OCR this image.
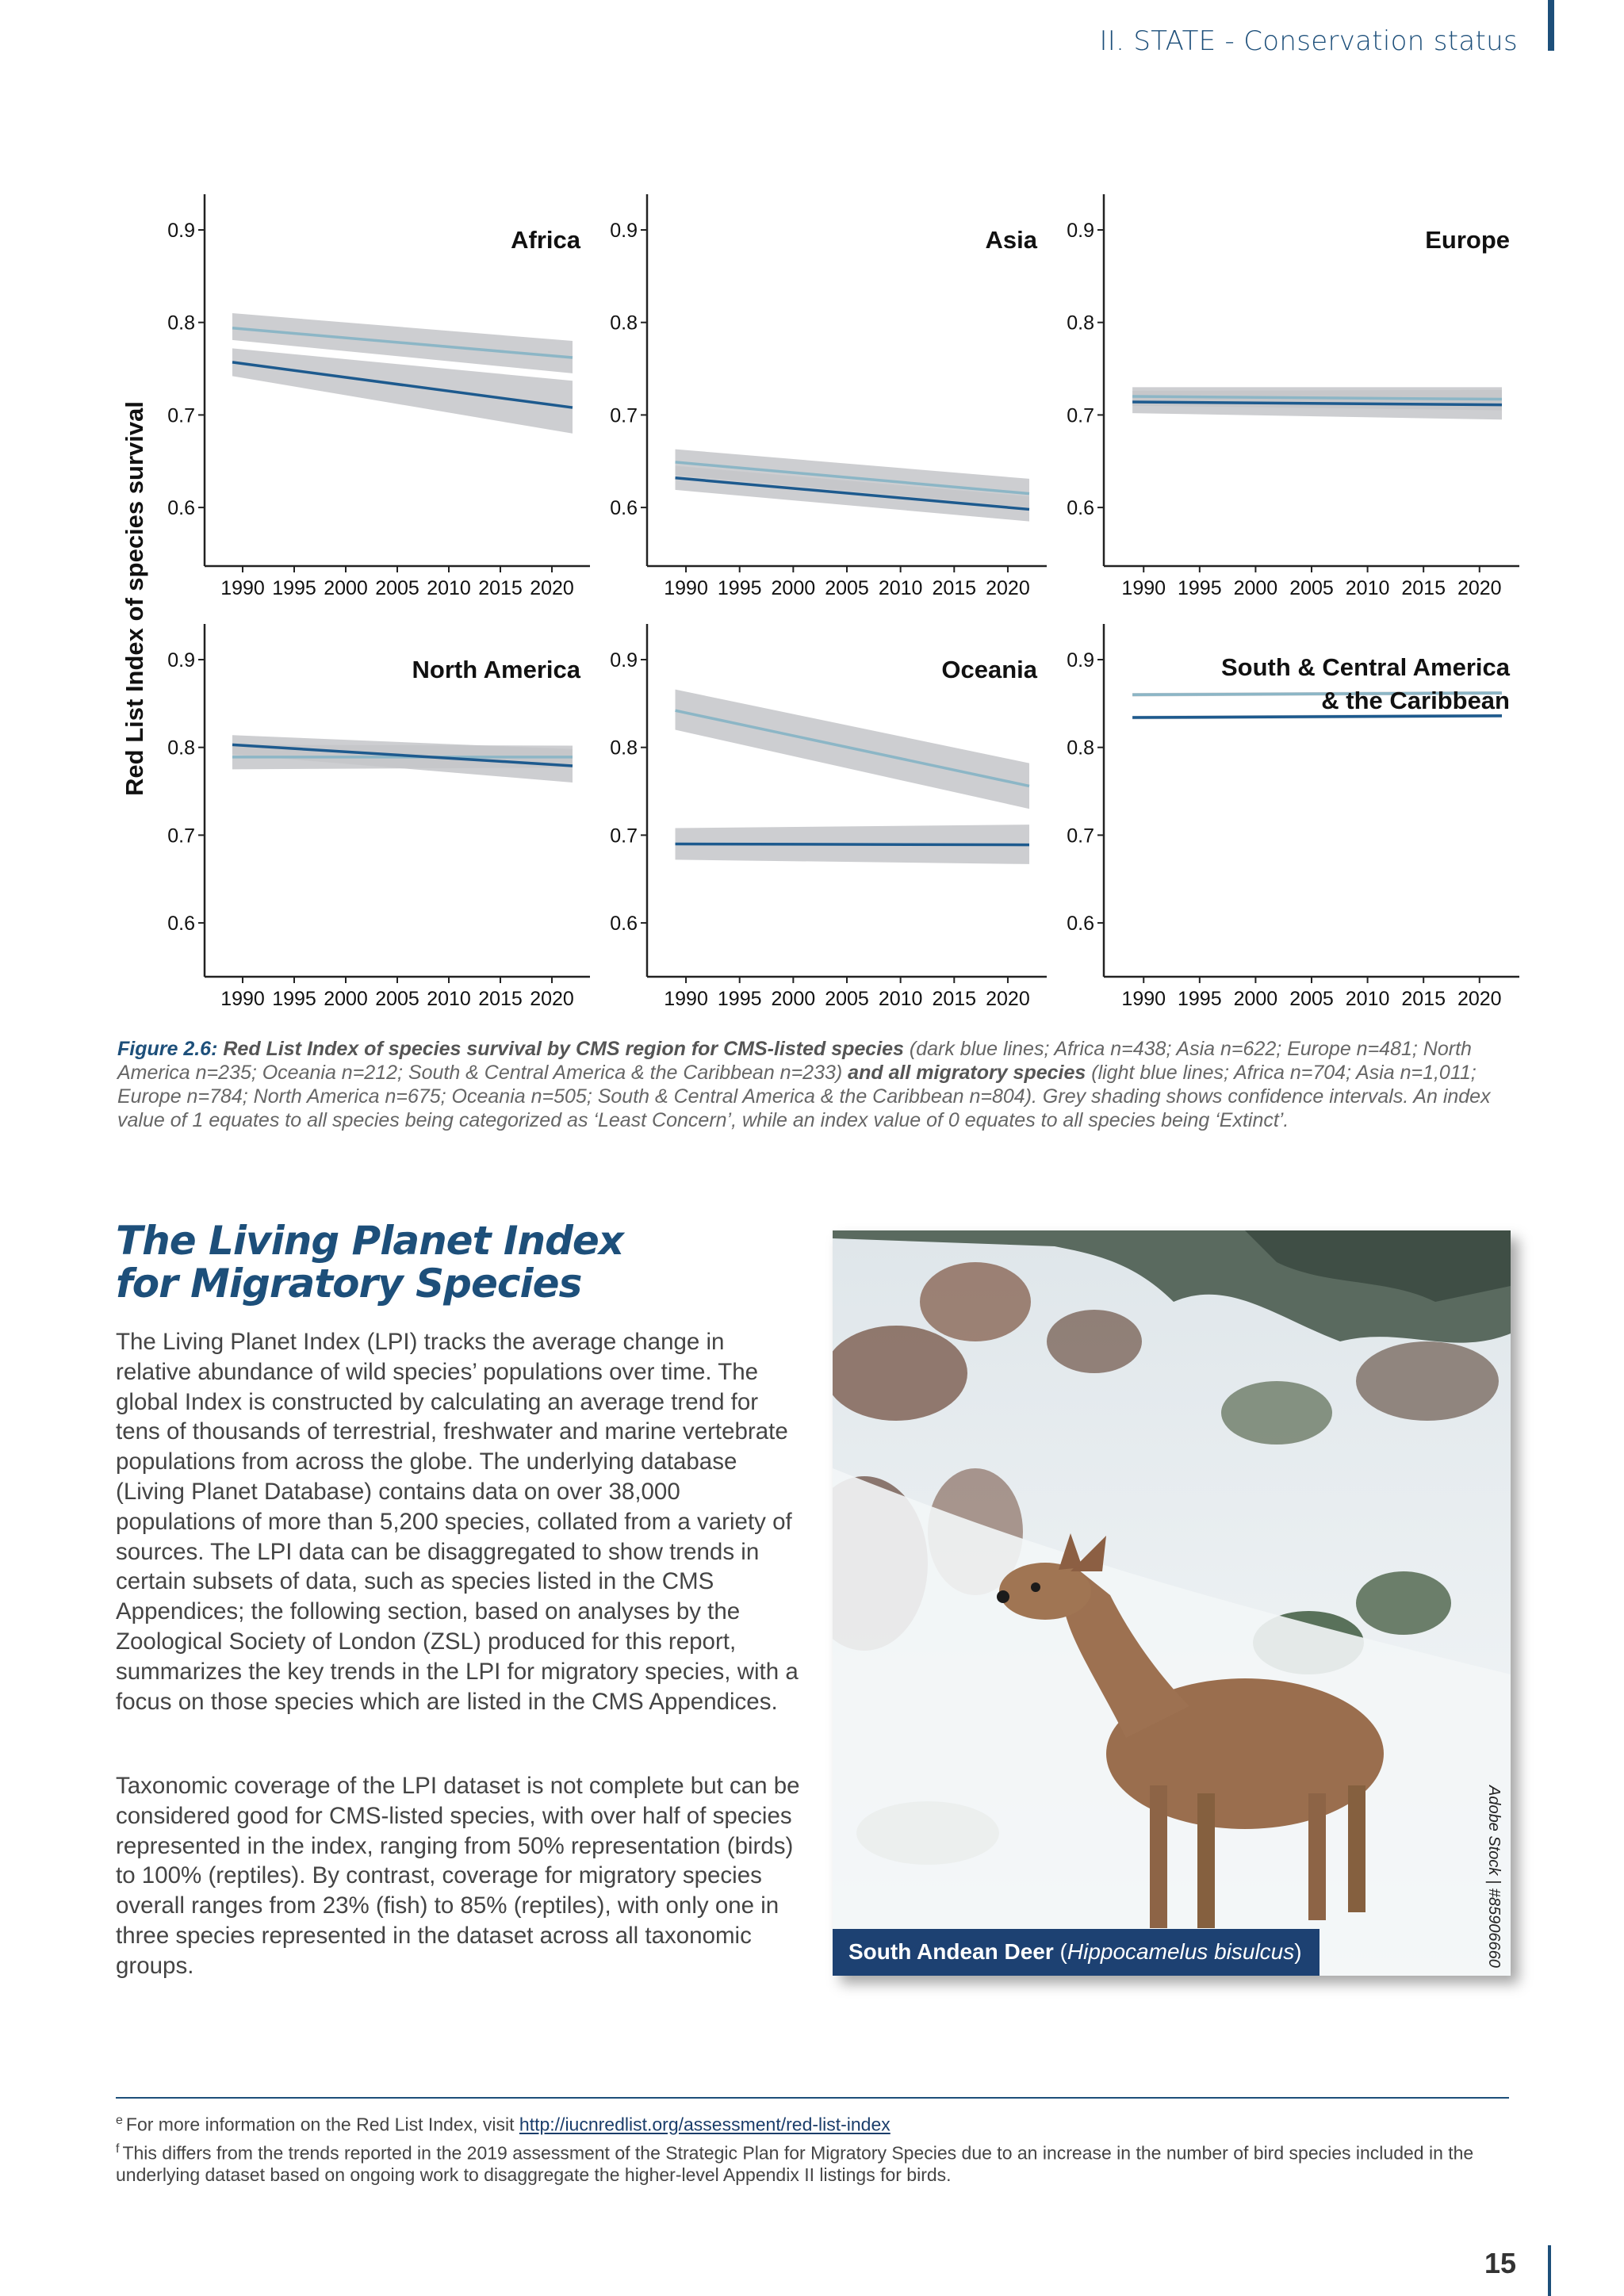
II. STATE - Conservation status
Red List Index of species survival 0.6
0.7
0.8
0.9
1990 1995 2000 2005 2010 2015 2020
Africa
0.6
0.7
0.8
0.9
1990 1995 2000 2005 2010 2015 2020
Asia
0.6
0.7
0.8
0.9
1990 1995 2000 2005 2010 2015 2020
Europe
0.6
0.7
0.8
0.9
1990 1995 2000 2005 2010 2015 2020
North America
0.6
0.7
0.8
0.9
1990 1995 2000 2005 2010 2015 2020
Oceania
0.6
0.7
0.8
0.9
1990 1995 2000 2005 2010 2015 2020
South & Central America
& the Caribbean
Figure 2.6: Red List Index of species survival by CMS region for CMS-listed species (dark blue lines; Africa n=438; Asia n=622; Europe n=481; North America n=235; Oceania n=212; South & Central America & the Caribbean n=233) and all migratory species (light blue lines; Africa n=704; Asia n=1,011; Europe n=784; North America n=675; Oceania n=505; South & Central America & the Caribbean n=804). Grey shading shows confidence intervals. An index value of 1 equates to all species being categorized as ‘Least Concern’, while an index value of 0 equates to all species being ‘Extinct’.
The Living Planet Index for Migratory Species
The Living Planet Index (LPI) tracks the average change in relative abundance of wild species’ populations over time. The global Index is constructed by calculating an average trend for tens of thousands of terrestrial, freshwater and marine vertebrate populations from across the globe. The underlying database (Living Planet Database) contains data on over 38,000 populations of more than 5,200 species, collated from a variety of sources. The LPI data can be disaggregated to show trends in certain subsets of data, such as species listed in the CMS Appendices; the following section, based on analyses by the Zoological Society of London (ZSL) produced for this report, summarizes the key trends in the LPI for migratory species, with a focus on those species which are listed in the CMS Appendices.
Taxonomic coverage of the LPI dataset is not complete but can be considered good for CMS-listed species, with over half of species represented in the index, ranging from 50% representation (birds) to 100% (reptiles). By contrast, coverage for migratory species overall ranges from 23% (fish) to 85% (reptiles), with only one in three species represented in the dataset across all taxonomic groups.	Adobe Stock | #85906660
South Andean Deer (Hippocamelus bisulcus)
$^e$ For more information on the Red List Index, visit http://iucnredlist.org/assessment/red-list-index
$^f$ This differs from the trends reported in the 2019 assessment of the Strategic Plan for Migratory Species due to an increase in the number of bird species included in the underlying dataset based on ongoing work to disaggregate the higher-level Appendix II listings for birds.
15
